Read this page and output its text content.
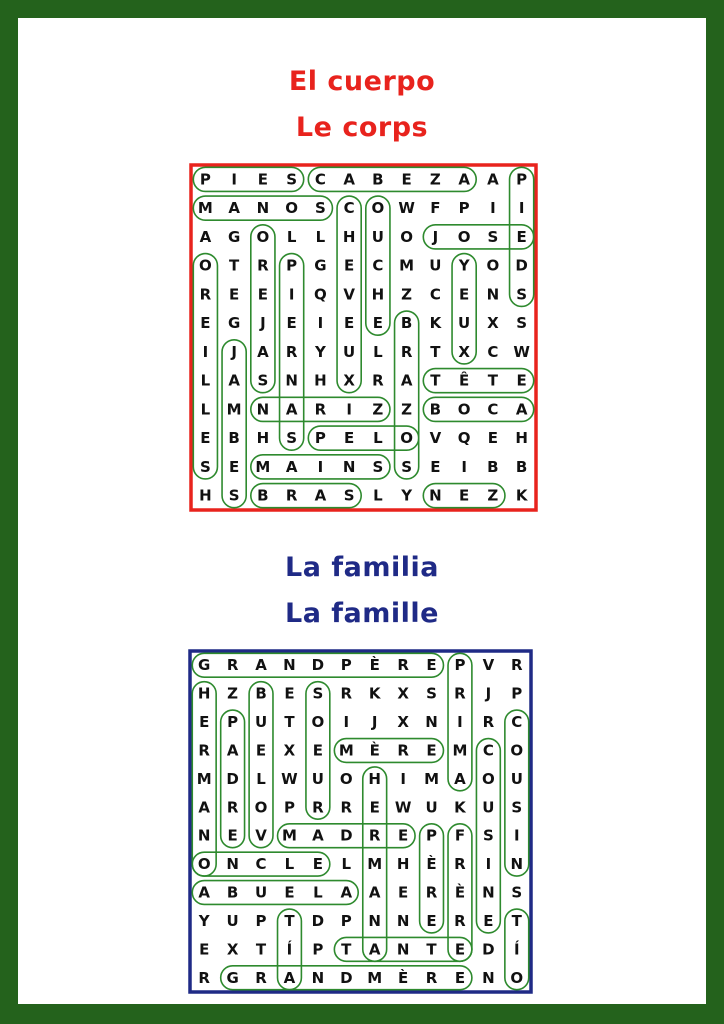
El cuerpo
Le corps
La familia
La famille
P I E S C A B E Z A A P
M A N O S C O W F P I I
A G O L L H U O J O S E
O T R P G E C M U Y O D
R E E I Q V H Z C E N S
E G J E I E E B K U X S
I J A R Y U L R T X C W
L A S N H X R A T Ê T E
L M N A R I Z Z B O C A
E B H S P E L O V Q E H
S E M A I N S S E I B B
H S B R A S L Y N E Z K
G R A N D P È R E P V R
H Z B E S R K X S R J P
E P U T O I J X N I R C
R A E X E M È R E M C O
M D L W U O H I M A O U
A R O P R R E W U K U S
N E V M A D R E P F S I
O N C L E L M H È R I N
A B U E L A A E R È N S
Y U P T D P N N E R E T
E X T Í P T A N T E D Í
R G R A N D M È R E N O
